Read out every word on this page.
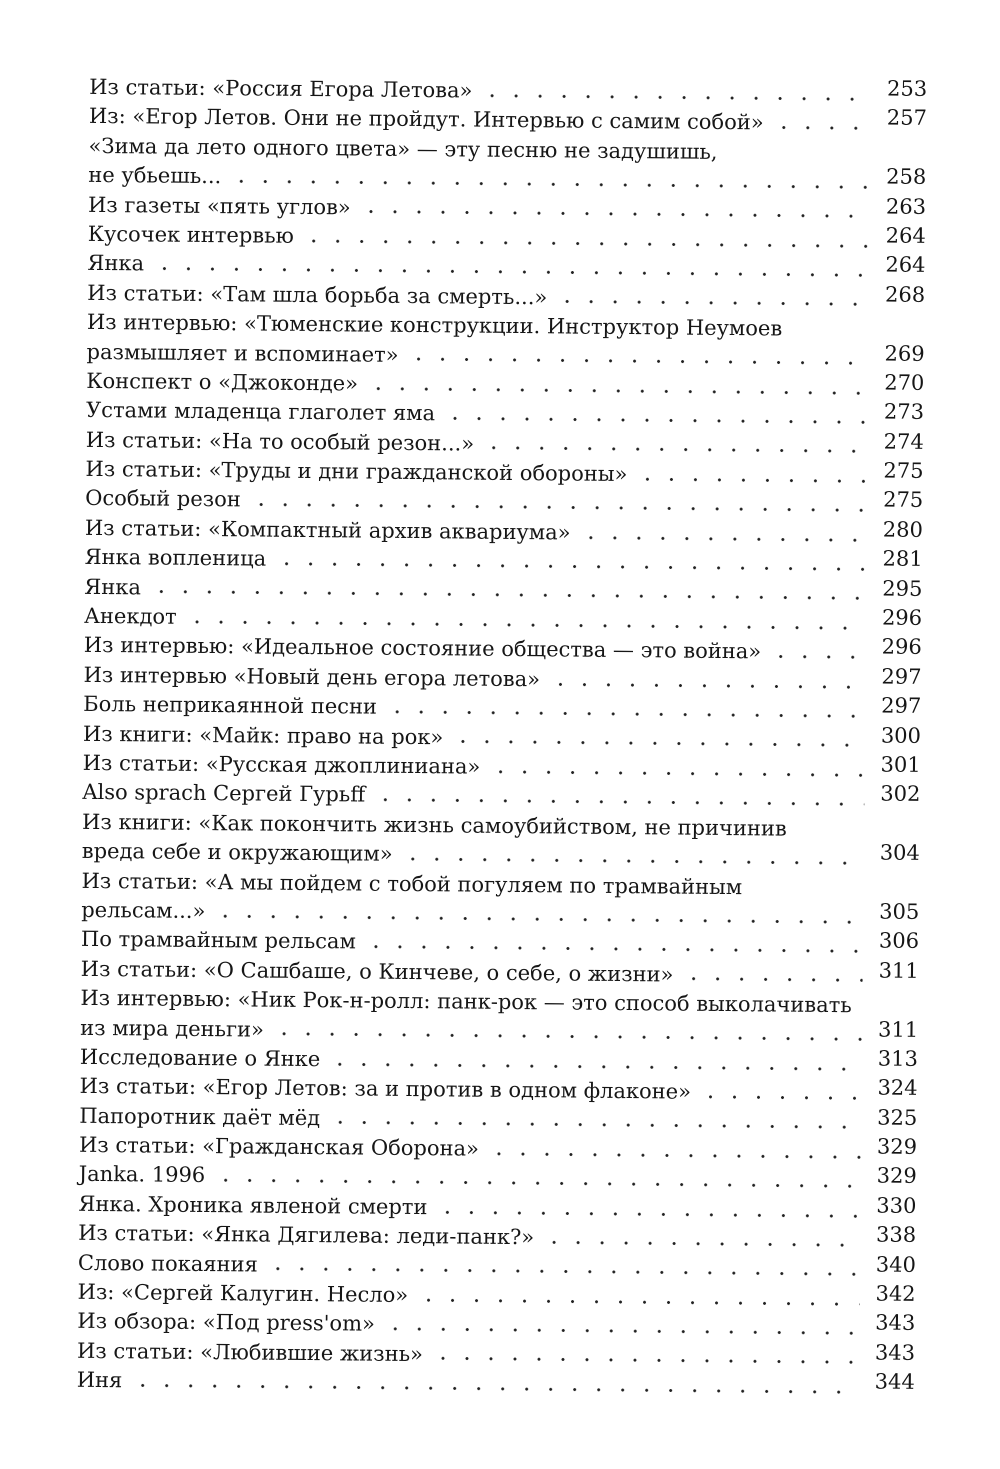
Из статьи: «Россия Егора Летова»	253
Из: «Егор Летов. Они не пройдут. Интервью с самим собой»	257
«Зима да лето одного цвета» — эту песню не задушишь,
не убьешь...	258
Из газеты «пять углов»	263
Кусочек интервью	264
Янка	264
Из статьи: «Там шла борьба за смерть...»	268
Из интервью: «Тюменские конструкции. Инструктор Неумоев
размышляет и вспоминает»	269
Конспект о «Джоконде»	270
Устами младенца глаголет яма	273
Из статьи: «На то особый резон...»	274
Из статьи: «Труды и дни гражданской обороны»	275
Особый резон	275
Из статьи: «Компактный архив аквариума»	280
Янка вопленица	281
Янка	295
Анекдот	296
Из интервью: «Идеальное состояние общества — это война»	296
Из интервью «Новый день егора летова»	297
Боль неприкаянной песни	297
Из книги: «Майк: право на рок»	300
Из статьи: «Русская джоплиниана»	301
Also sprach Сергей Гурьff	302
Из книги: «Как покончить жизнь самоубийством, не причинив
вреда себе и окружающим»	304
Из статьи: «А мы пойдем с тобой погуляем по трамвайным
рельсам...»	305
По трамвайным рельсам	306
Из статьи: «О Сашбаше, о Кинчеве, о себе, о жизни»	311
Из интервью: «Ник Рок-н-ролл: панк-рок — это способ выколачивать
из мира деньги»	311
Исследование о Янке	313
Из статьи: «Егор Летов: за и против в одном флаконе»	324
Папоротник даёт мёд	325
Из статьи: «Гражданская Оборона»	329
Janka. 1996	329
Янка. Хроника явленой смерти	330
Из статьи: «Янка Дягилева: леди-панк?»	338
Слово покаяния	340
Из: «Сергей Калугин. Несло»	342
Из обзора: «Под press'om»	343
Из статьи: «Любившие жизнь»	343
Иня	344
